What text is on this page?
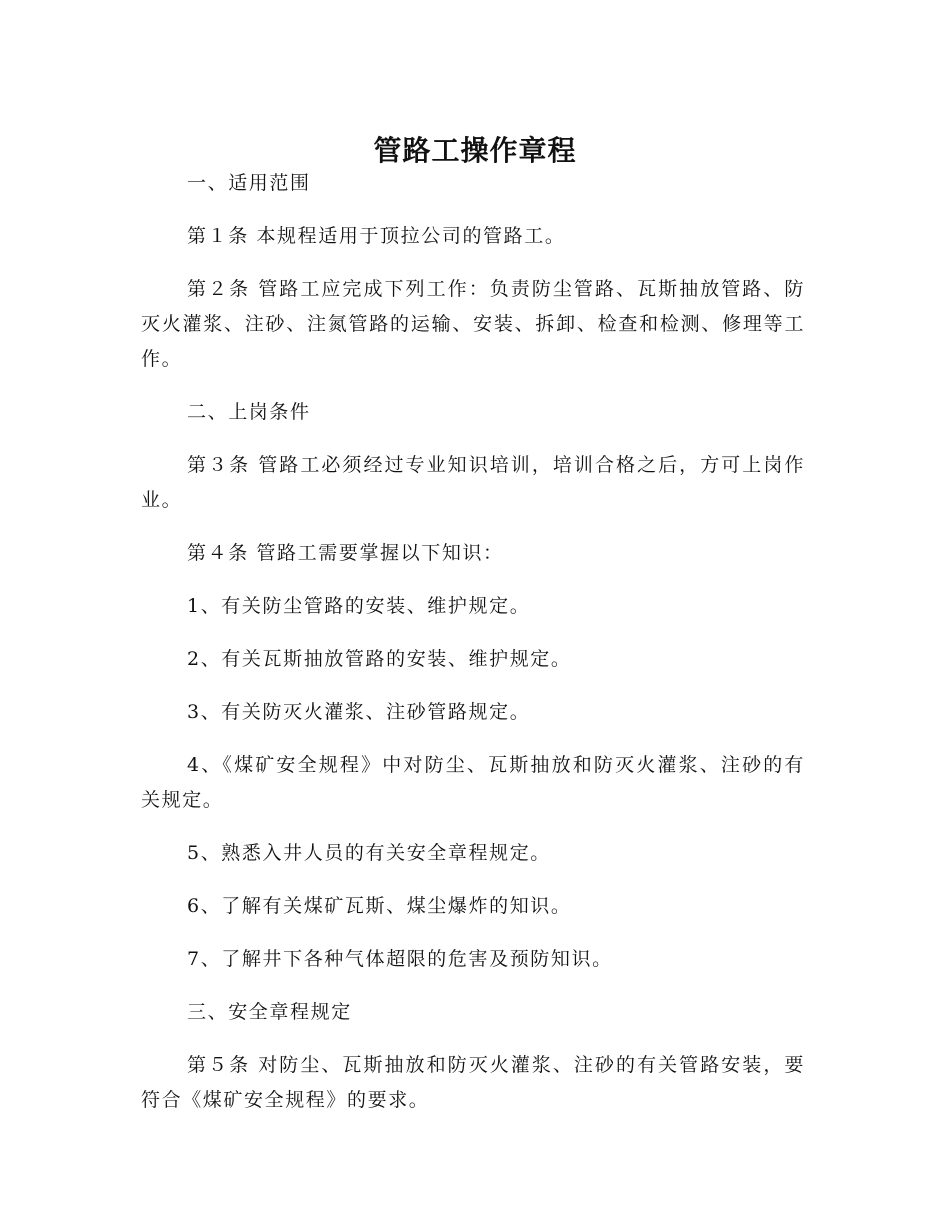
管路工操作章程

一、适用范围

第１条 本规程适用于顶拉公司的管路工。

第２条 管路工应完成下列工作：负责防尘管路、瓦斯抽放管路、防灭火灌浆、注砂、注氮管路的运输、安装、拆卸、检查和检测、修理等工作。

二、上岗条件

第３条 管路工必须经过专业知识培训，培训合格之后，方可上岗作业。

第４条 管路工需要掌握以下知识：

1、有关防尘管路的安装、维护规定。

2、有关瓦斯抽放管路的安装、维护规定。

3、有关防灭火灌浆、注砂管路规定。

4、《煤矿安全规程》中对防尘、瓦斯抽放和防灭火灌浆、注砂的有关规定。

5、熟悉入井人员的有关安全章程规定。

6、了解有关煤矿瓦斯、煤尘爆炸的知识。

7、了解井下各种气体超限的危害及预防知识。

三、安全章程规定

第５条 对防尘、瓦斯抽放和防灭火灌浆、注砂的有关管路安装，要符合《煤矿安全规程》的要求。
